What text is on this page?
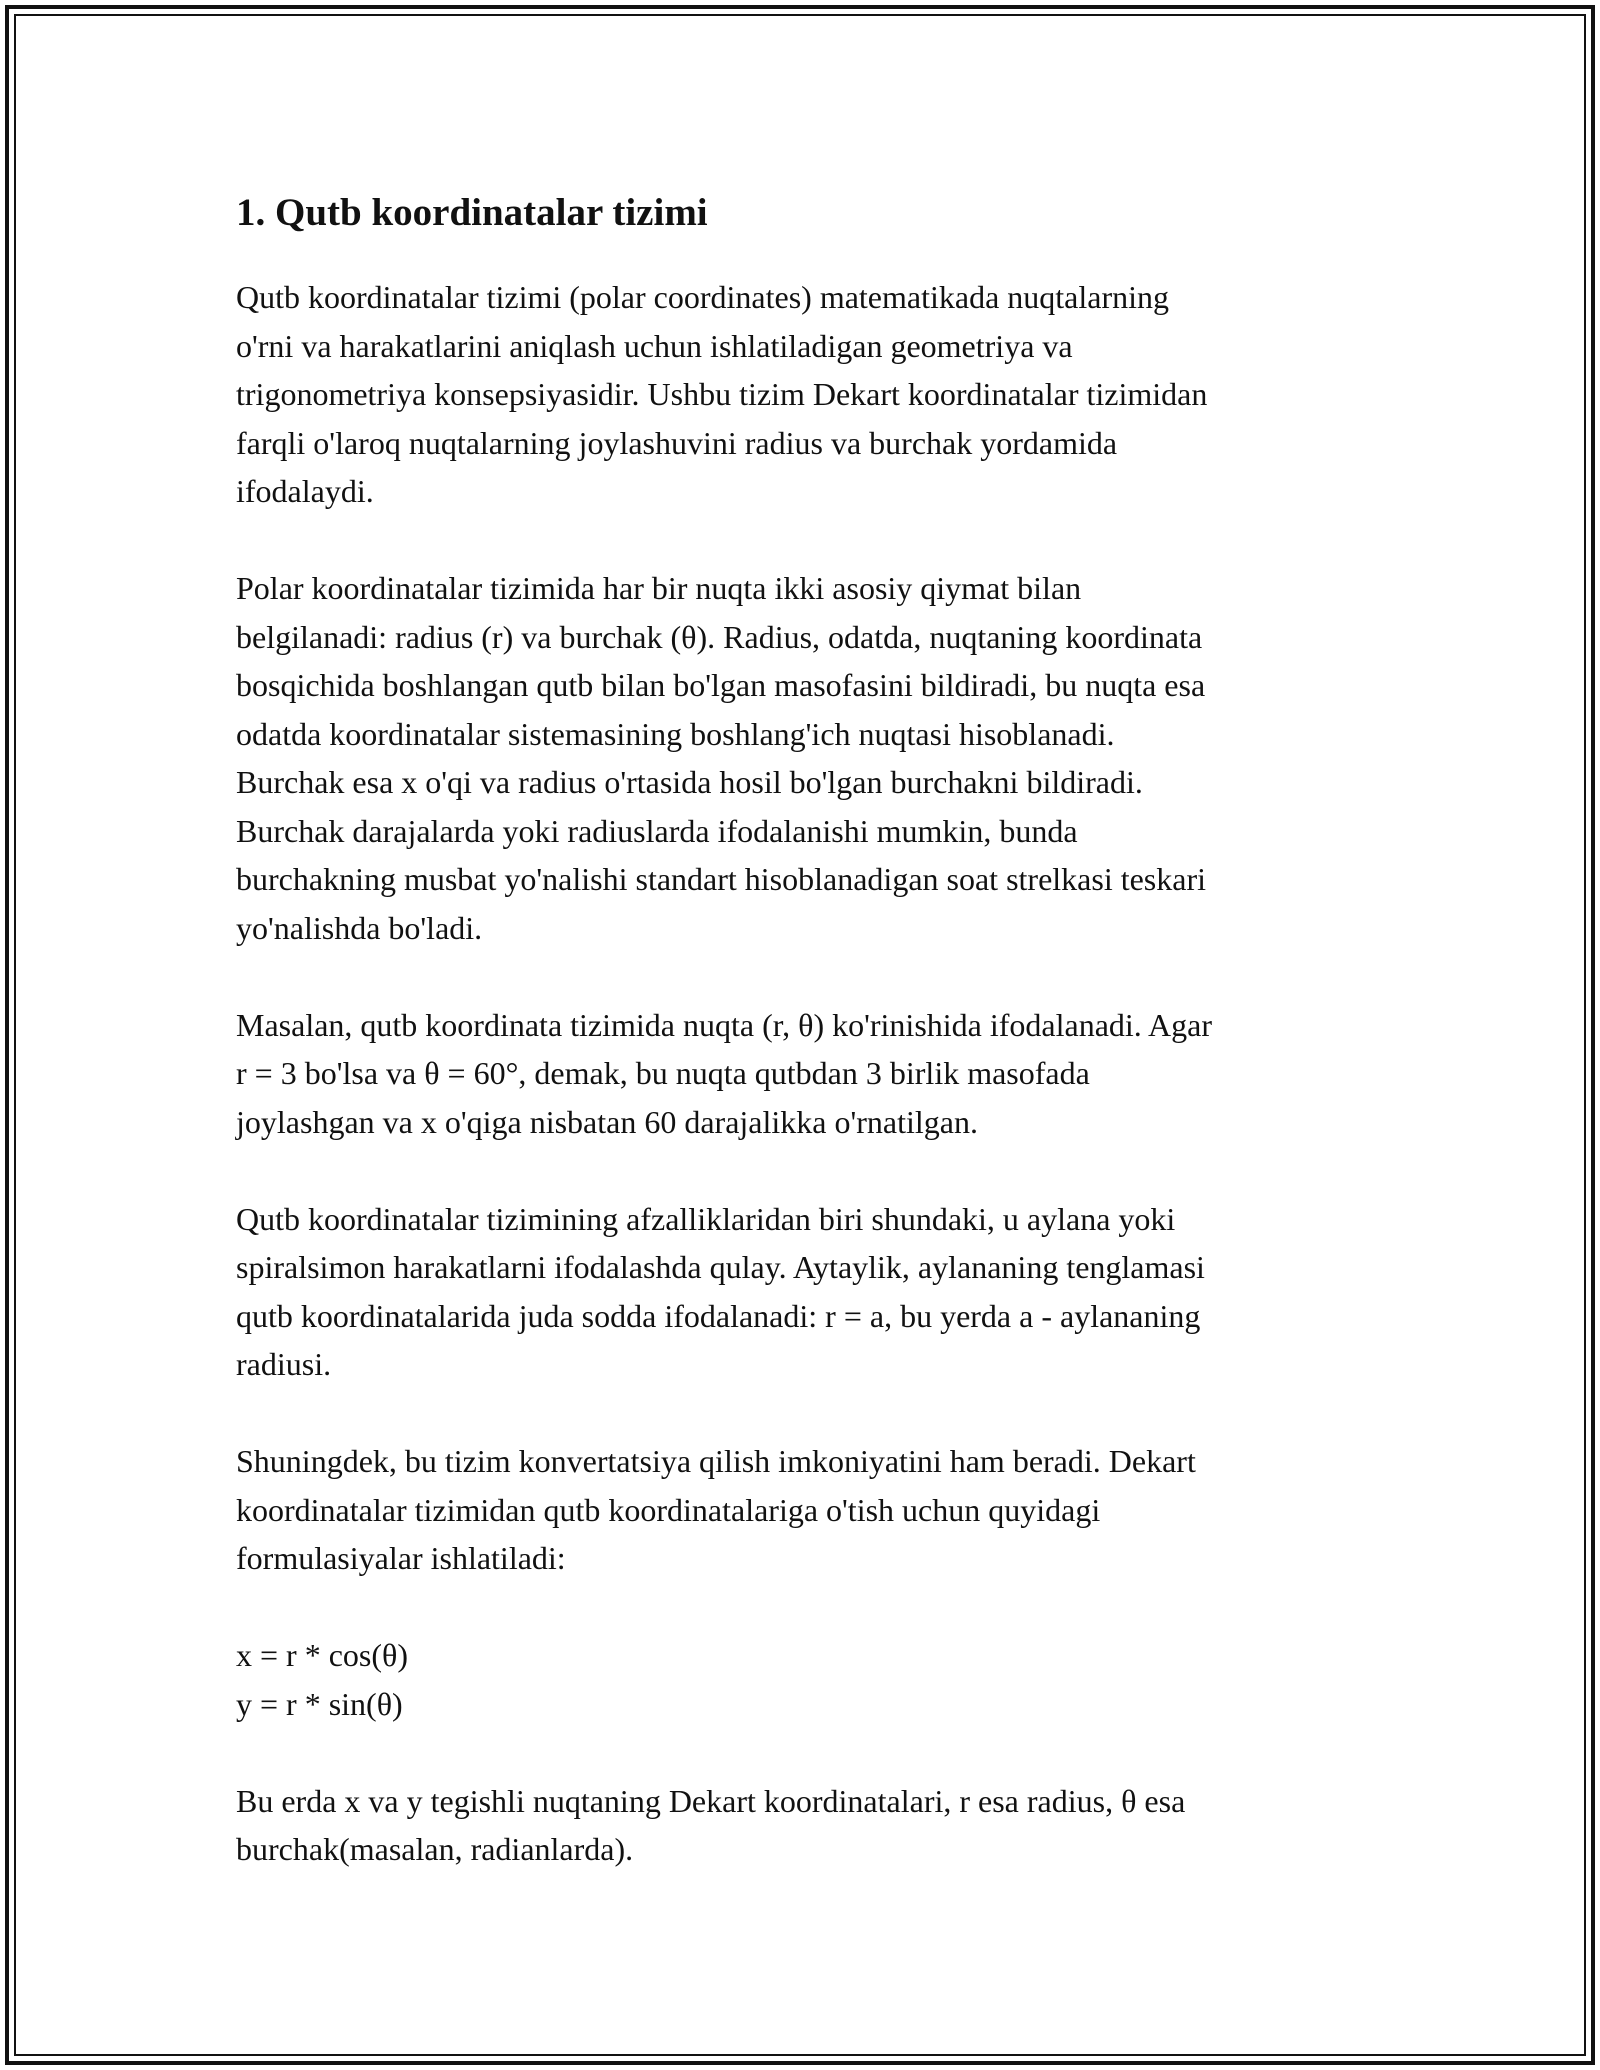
1. Qutb koordinatalar tizimi

Qutb koordinatalar tizimi (polar coordinates) matematikada nuqtalarning
o'rni va harakatlarini aniqlash uchun ishlatiladigan geometriya va
trigonometriya konsepsiyasidir. Ushbu tizim Dekart koordinatalar tizimidan
farqli o'laroq nuqtalarning joylashuvini radius va burchak yordamida
ifodalaydi.

Polar koordinatalar tizimida har bir nuqta ikki asosiy qiymat bilan
belgilanadi: radius (r) va burchak (θ). Radius, odatda, nuqtaning koordinata
bosqichida boshlangan qutb bilan bo'lgan masofasini bildiradi, bu nuqta esa
odatda koordinatalar sistemasining boshlang'ich nuqtasi hisoblanadi.
Burchak esa x o'qi va radius o'rtasida hosil bo'lgan burchakni bildiradi.
Burchak darajalarda yoki radiuslarda ifodalanishi mumkin, bunda
burchakning musbat yo'nalishi standart hisoblanadigan soat strelkasi teskari
yo'nalishda bo'ladi.

Masalan, qutb koordinata tizimida nuqta (r, θ) ko'rinishida ifodalanadi. Agar
r = 3 bo'lsa va θ = 60°, demak, bu nuqta qutbdan 3 birlik masofada
joylashgan va x o'qiga nisbatan 60 darajalikka o'rnatilgan.

Qutb koordinatalar tizimining afzalliklaridan biri shundaki, u aylana yoki
spiralsimon harakatlarni ifodalashda qulay. Aytaylik, aylananing tenglamasi
qutb koordinatalarida juda sodda ifodalanadi: r = a, bu yerda a - aylananing
radiusi.

Shuningdek, bu tizim konvertatsiya qilish imkoniyatini ham beradi. Dekart
koordinatalar tizimidan qutb koordinatalariga o'tish uchun quyidagi
formulasiyalar ishlatiladi:

x = r * cos(θ)
y = r * sin(θ)

Bu erda x va y tegishli nuqtaning Dekart koordinatalari, r esa radius, θ esa
burchak(masalan, radianlarda).
